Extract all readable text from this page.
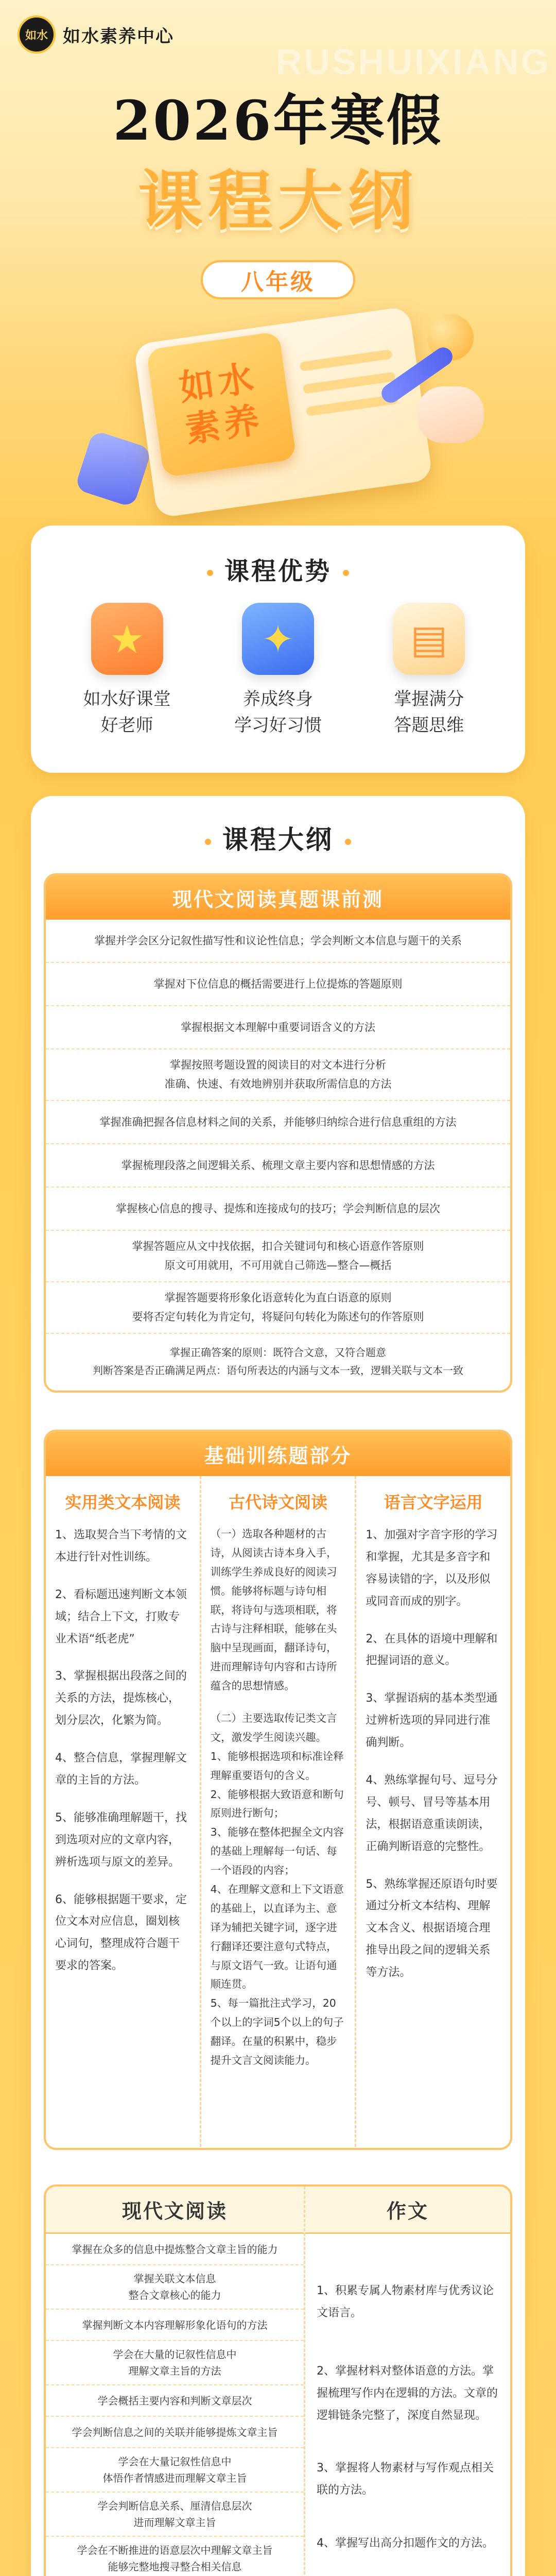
如水 如水素养中心
RUSHUIXIANG
2026年寒假
课程大纲
八年级
如水
素养
课程优势
★
如水好课堂
好老师
✦
养成终身
学习好习惯
▤
掌握满分
答题思维
课程大纲
现代文阅读真题课前测
掌握并学会区分记叙性描写性和议论性信息；学会判断文本信息与题干的关系
掌握对下位信息的概括需要进行上位提炼的答题原则
掌握根据文本理解中重要词语含义的方法
掌握按照考题设置的阅读目的对文本进行分析
准确、快速、有效地辨别并获取所需信息的方法
掌握准确把握各信息材料之间的关系，并能够归纳综合进行信息重组的方法
掌握梳理段落之间逻辑关系、梳理文章主要内容和思想情感的方法
掌握核心信息的搜寻、提炼和连接成句的技巧；学会判断信息的层次
掌握答题应从文中找依据，扣合关键词句和核心语意作答原则
原文可用就用，不可用就自己筛选—整合—概括
掌握答题要将形象化语意转化为直白语意的原则
要将否定句转化为肯定句，将疑问句转化为陈述句的作答原则
掌握正确答案的原则：既符合文意，又符合题意
判断答案是否正确满足两点：语句所表达的内涵与文本一致，逻辑关联与文本一致
基础训练题部分
实用类文本阅读

1、选取契合当下考情的文本进行针对性训练。

2、看标题迅速判断文本领域；结合上下文，打败专业术语“纸老虎”

3、掌握根据出段落之间的关系的方法，提炼核心，划分层次，化繁为简。

4、整合信息，掌握理解文章的主旨的方法。

5、能够准确理解题干，找到选项对应的文章内容，辨析选项与原文的差异。

6、能够根据题干要求，定位文本对应信息，圈划核心词句，整理成符合题干要求的答案。

古代诗文阅读

（一）选取各种题材的古诗，从阅读古诗本身入手，训练学生养成良好的阅读习惯。能够将标题与诗句相联，将诗句与选项相联，将古诗与注释相联，能够在头脑中呈现画面，翻译诗句，进而理解诗句内容和古诗所蕴含的思想情感。

（二）主要选取传记类文言文，激发学生阅读兴趣。
1、能够根据选项和标准诠释理解重要语句的含义。
2、能够根据大致语意和断句原则进行断句；
3、能够在整体把握全文内容的基础上理解每一句话、每一个语段的内容；
4、在理解文意和上下文语意的基础上，以直译为主、意译为辅把关键字词，逐字进行翻译还要注意句式特点，与原文语气一致。让语句通顺连贯。
5、每一篇批注式学习，20个以上的字词5个以上的句子翻译。在量的积累中，稳步提升文言文阅读能力。

语言文字运用

1、加强对字音字形的学习和掌握，尤其是多音字和容易读错的字，以及形似或同音而成的别字。

2、在具体的语境中理解和把握词语的意义。

3、掌握语病的基本类型通过辨析选项的异同进行准确判断。

4、熟练掌握句号、逗号分号、顿号、冒号等基本用法，根据语意重读朗读，正确判断语意的完整性。

5、熟练掌握还原语句时要通过分析文本结构、理解文本含义、根据语境合理推导出段之间的逻辑关系等方法。

现代文阅读
掌握在众多的信息中提炼整合文章主旨的能力
掌握关联文本信息
整合文章核心的能力
掌握判断文本内容理解形象化语句的方法
学会在大量的记叙性信息中
理解文章主旨的方法
学会概括主要内容和判断文章层次
学会判断信息之间的关联并能够提炼文章主旨
学会在大量记叙性信息中
体悟作者情感进而理解文章主旨
学会判断信息关系、厘清信息层次
进而理解文章主旨
学会在不断推进的语意层次中理解文章主旨
能够完整地搜寻整合相关信息
作文
1、积累专属人物素材库与优秀议论文语言。
2、掌握材料对整体语意的方法。掌握梳理写作内在逻辑的方法。文章的逻辑链条完整了，深度自然显现。
3、掌握将人物素材与写作观点相关联的方法。
4、掌握写出高分扣题作文的方法。
